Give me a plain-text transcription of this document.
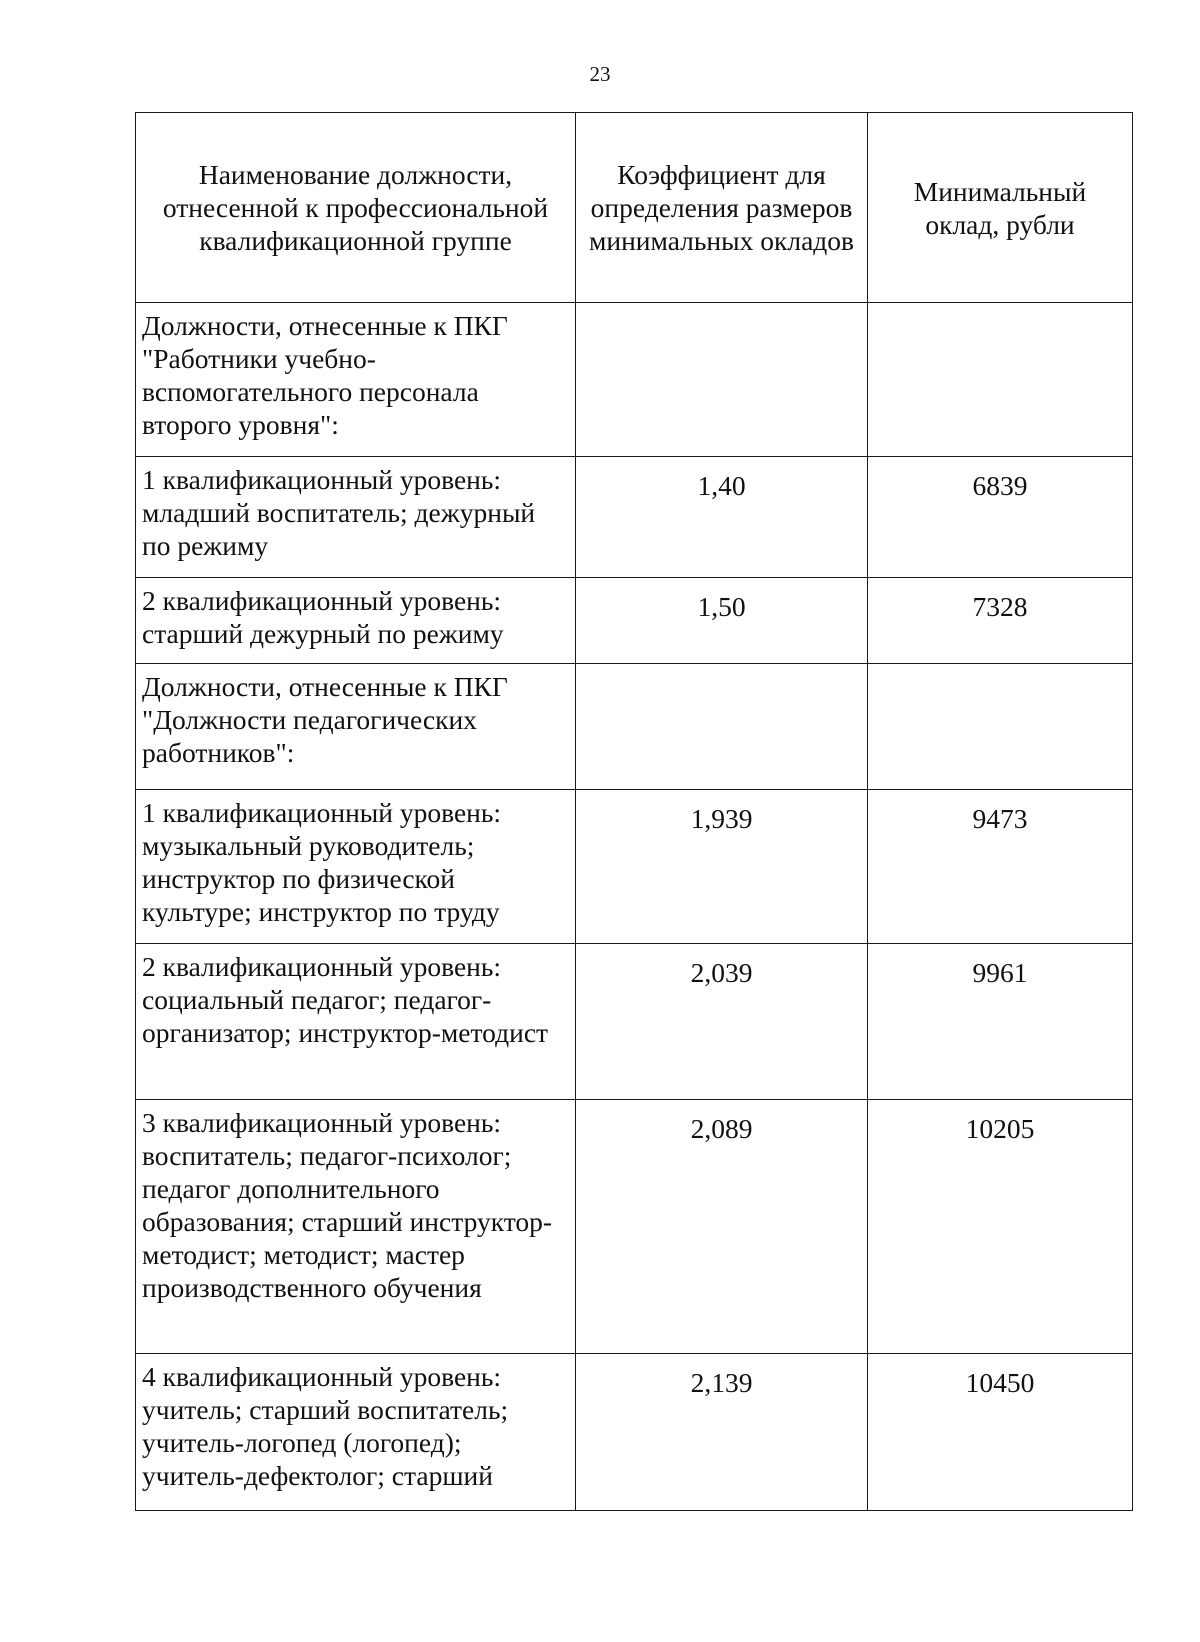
23
Наименование должности, отнесенной к профессиональной квалификационной группе	Коэффициент для определения размеров минимальных окладов	Минимальный оклад, рубли
Должности, отнесенные к ПКГ "Работники учебно-вспомогательного персонала второго уровня":		
1 квалификационный уровень: младший воспитатель; дежурный по режиму	1,40	6839
2 квалификационный уровень: старший дежурный по режиму	1,50	7328
Должности, отнесенные к ПКГ "Должности педагогических работников":		
1 квалификационный уровень: музыкальный руководитель; инструктор по физической культуре; инструктор по труду	1,939	9473
2 квалификационный уровень: социальный педагог; педагог-организатор; инструктор-методист	2,039	9961
3 квалификационный уровень: воспитатель; педагог-психолог; педагог дополнительного образования; старший инструктор-методист; методист; мастер производственного обучения	2,089	10205
4 квалификационный уровень: учитель; старший воспитатель; учитель-логопед (логопед); учитель-дефектолог; старший	2,139	10450
